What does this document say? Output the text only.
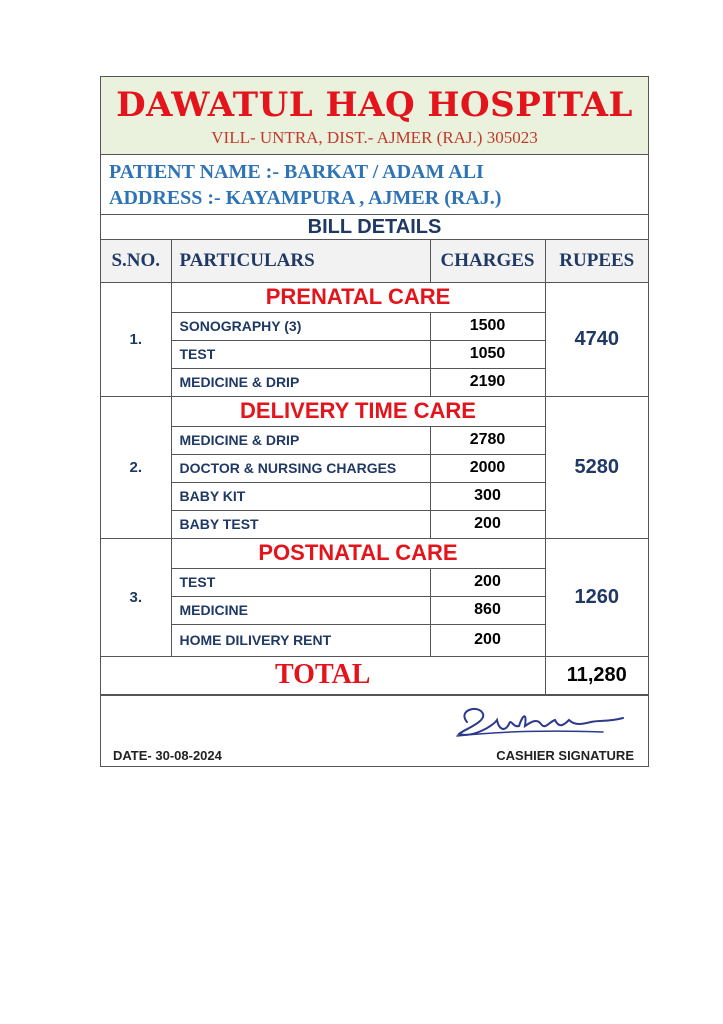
DAWATUL HAQ HOSPITAL
VILL- UNTRA, DIST.- AJMER (RAJ.) 305023
PATIENT NAME :- BARKAT / ADAM ALI
ADDRESS :- KAYAMPURA , AJMER (RAJ.)
BILL DETAILS
S.NO.	PARTICULARS	CHARGES	RUPEES
1.	PRENATAL CARE		4740
	SONOGRAPHY (3)	1500	
	TEST	1050	
	MEDICINE & DRIP	2190	
2.	DELIVERY TIME CARE		5280
	MEDICINE & DRIP	2780	
	DOCTOR & NURSING CHARGES	2000	
	BABY KIT	300	
	BABY TEST	200	
3.	POSTNATAL CARE		1260
	TEST	200	
	MEDICINE	860	
	HOME DILIVERY RENT	200	
TOTAL			11,280
DATE- 30-08-2024	CASHIER SIGNATURE
